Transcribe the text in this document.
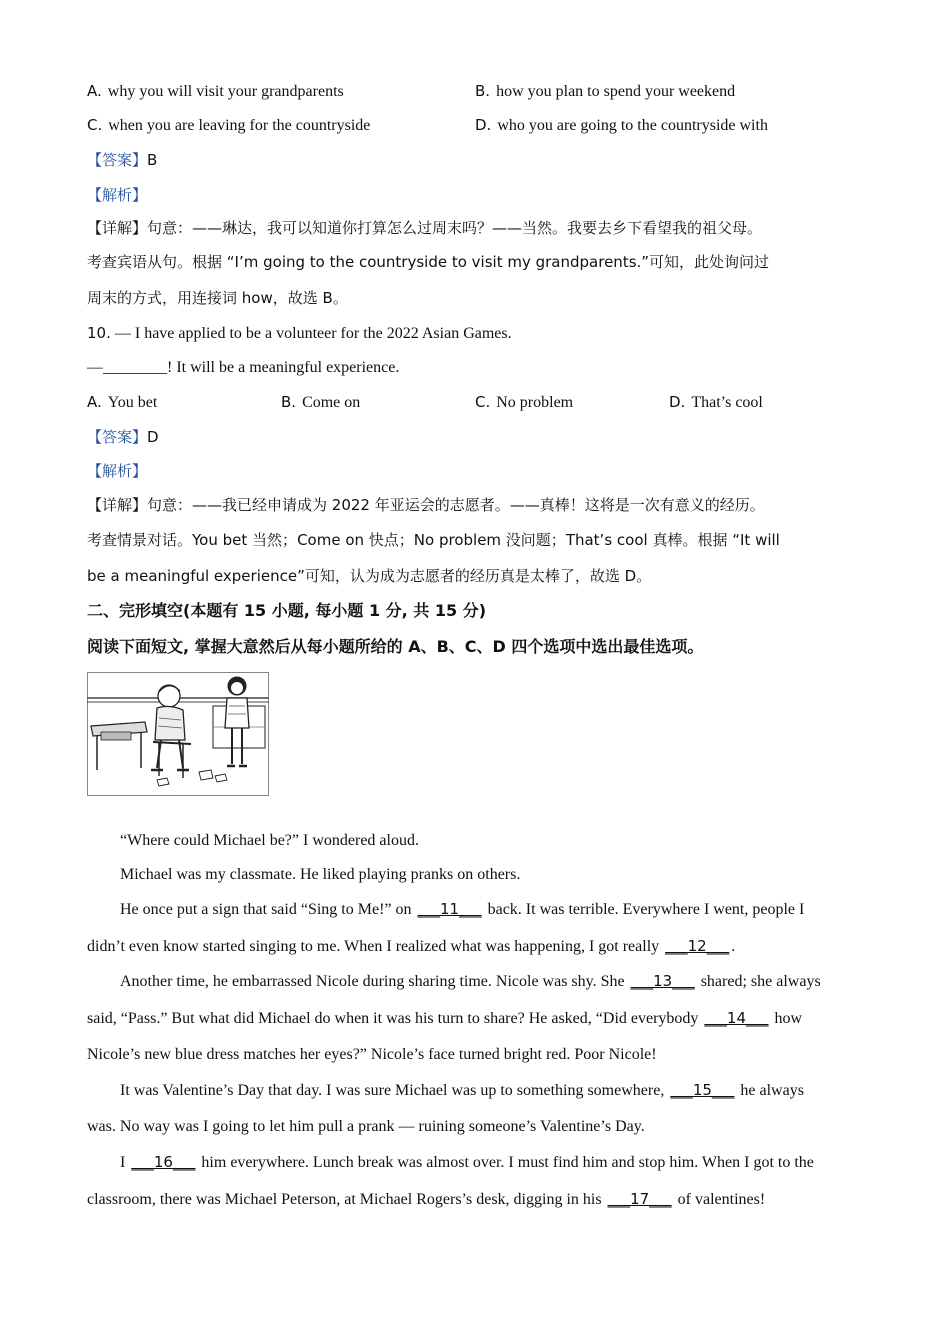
A. why you will visit your grandparents	B. how you plan to spend your weekend
C. when you are leaving for the countryside	D. who you are going to the countryside with
【答案】B
【解析】
【详解】句意：——琳达，我可以知道你打算怎么过周末吗？——当然。我要去乡下看望我的祖父母。
考查宾语从句。根据 “I’m going to the countryside to visit my grandparents.”可知，此处询问过
周末的方式，用连接词 how，故选 B。
10. — I have applied to be a volunteer for the 2022 Asian Games.
—________! It will be a meaningful experience.
A. You bet	B. Come on	C. No problem	D. That’s cool
【答案】D
【解析】
【详解】句意：——我已经申请成为 2022 年亚运会的志愿者。——真棒！这将是一次有意义的经历。
考查情景对话。You bet 当然；Come on 快点；No problem 没问题；That’s cool 真棒。根据 “It will
be a meaningful experience”可知，认为成为志愿者的经历真是太棒了，故选 D。
二、完形填空(本题有 15 小题, 每小题 1 分, 共 15 分)
阅读下面短文, 掌握大意然后从每小题所给的 A、B、C、D 四个选项中选出最佳选项。
“Where could Michael be?” I wondered aloud.
Michael was my classmate. He liked playing pranks on others.
He once put a sign that said “Sing to Me!” on ___11___ back. It was terrible. Everywhere I went, people I
didn’t even know started singing to me. When I realized what was happening, I got really ___12___ .
Another time, he embarrassed Nicole during sharing time. Nicole was shy. She ___13___ shared; she always
said, “Pass.” But what did Michael do when it was his turn to share? He asked, “Did everybody ___14___ how
Nicole’s new blue dress matches her eyes?” Nicole’s face turned bright red. Poor Nicole!
It was Valentine’s Day that day. I was sure Michael was up to something somewhere, ___15___ he always
was. No way was I going to let him pull a prank — ruining someone’s Valentine’s Day.
I ___16___ him everywhere. Lunch break was almost over. I must find him and stop him. When I got to the
classroom, there was Michael Peterson, at Michael Rogers’s desk, digging in his ___17___ of valentines!
